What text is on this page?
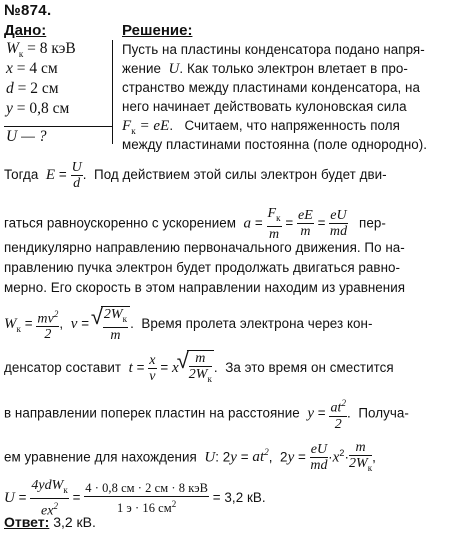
№874.
Дано:	Решение:
$W_к = 8$ кэВ
x = 4 см
d = 2 см
y = 0,8 см
U — ?
Пусть на пластины конденсатора подано напря-
жение  U. Как только электрон влетает в про-
странство между пластинами конденсатора, на
него начинает действовать кулоновская сила
$F_к$ = eE.   Считаем, что напряженность поля
между пластинами постоянна (поле однородно).
Тогда  $E = \frac{U}{d}$ .  Под действием этой силы электрон будет дви-
гаться равноускоренно с ускорением  $a = \frac{F_к}{m} = \frac{eE}{m} = \frac{eU}{md} пер-$
пендикулярно направлению первоначального движения. По на-
правлению пучка электрон будет продолжать двигаться равно-
мерно. Его скорость в этом направлении находим из уравнения
$W_к = \frac{mv^2}{2}$ ,  v = √ $\frac{2W_к}{m}$ .  Время пролета электрона через кон-
денсатор составит  $t = \frac{x}{v} = x$ √ $\frac{m}{2W_к}$ .  За это время он сместится
в направлении поперек пластин на расстояние  $y = \frac{at^2}{2}$ .  Получа-
ем уравнение для нахождения  U: $2y = at^2$,  $2y = \frac{eU}{md} \cdot x^2\cdot \frac{m}{2W_к}$ ,
$U = \frac{4ydW_к}{ex^2} = \frac{\text{4 · 0,8 см · 2 см · 8 кэВ}}{1 э \cdot 16 см^2} = 3,2$ кВ.
Ответ: 3,2 кВ.
